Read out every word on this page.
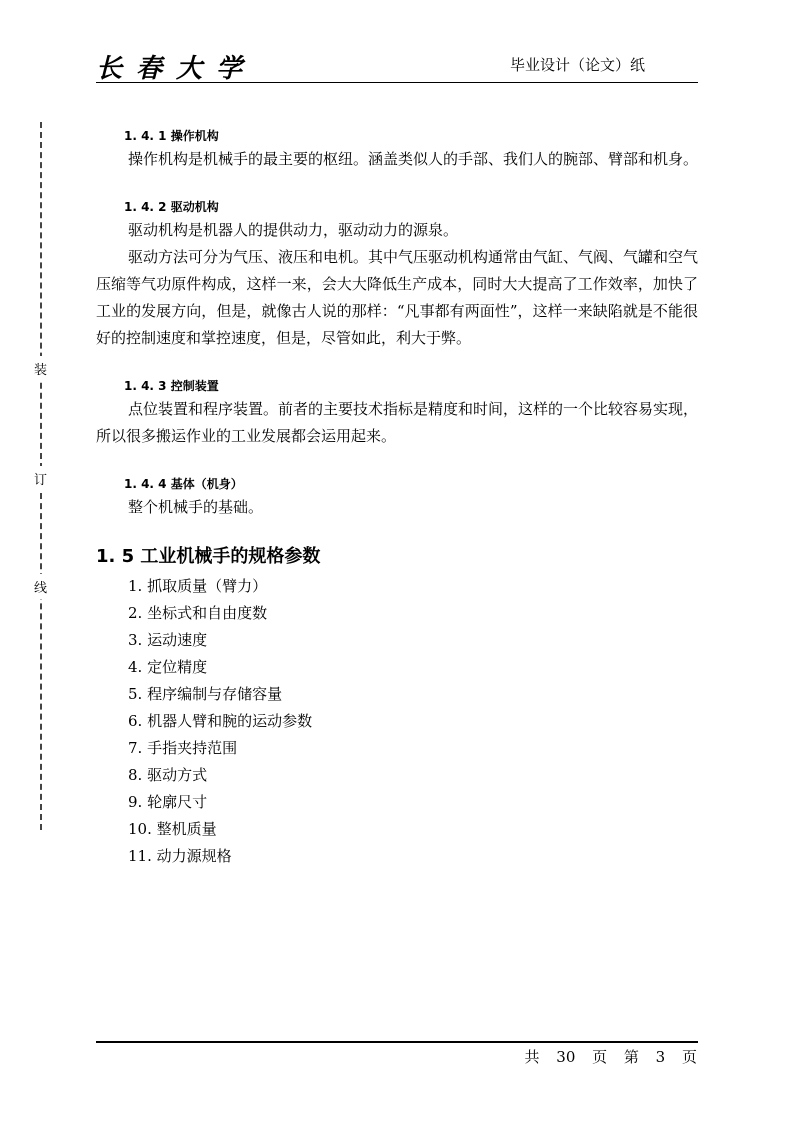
长春大学	毕业设计（论文）纸
装
订
线
1. 4. 1 操作机构

操作机构是机械手的最主要的枢纽。涵盖类似人的手部、我们人的腕部、臂部和机身。

1. 4. 2 驱动机构

驱动机构是机器人的提供动力，驱动动力的源泉。

驱动方法可分为气压、液压和电机。其中气压驱动机构通常由气缸、气阀、气罐和空气压缩等气功原件构成，这样一来，会大大降低生产成本，同时大大提高了工作效率，加快了工业的发展方向，但是，就像古人说的那样：“凡事都有两面性”，这样一来缺陷就是不能很好的控制速度和掌控速度，但是，尽管如此，利大于弊。

1. 4. 3 控制装置

点位装置和程序装置。前者的主要技术指标是精度和时间，这样的一个比较容易实现，所以很多搬运作业的工业发展都会运用起来。

1. 4. 4 基体（机身）

整个机械手的基础。

1. 5 工业机械手的规格参数

1. 抓取质量（臂力）

2. 坐标式和自由度数

3. 运动速度

4. 定位精度

5. 程序编制与存储容量

6. 机器人臂和腕的运动参数

7. 手指夹持范围

8. 驱动方式

9. 轮廓尺寸

10. 整机质量

11. 动力源规格

共 30 页 第 3 页
